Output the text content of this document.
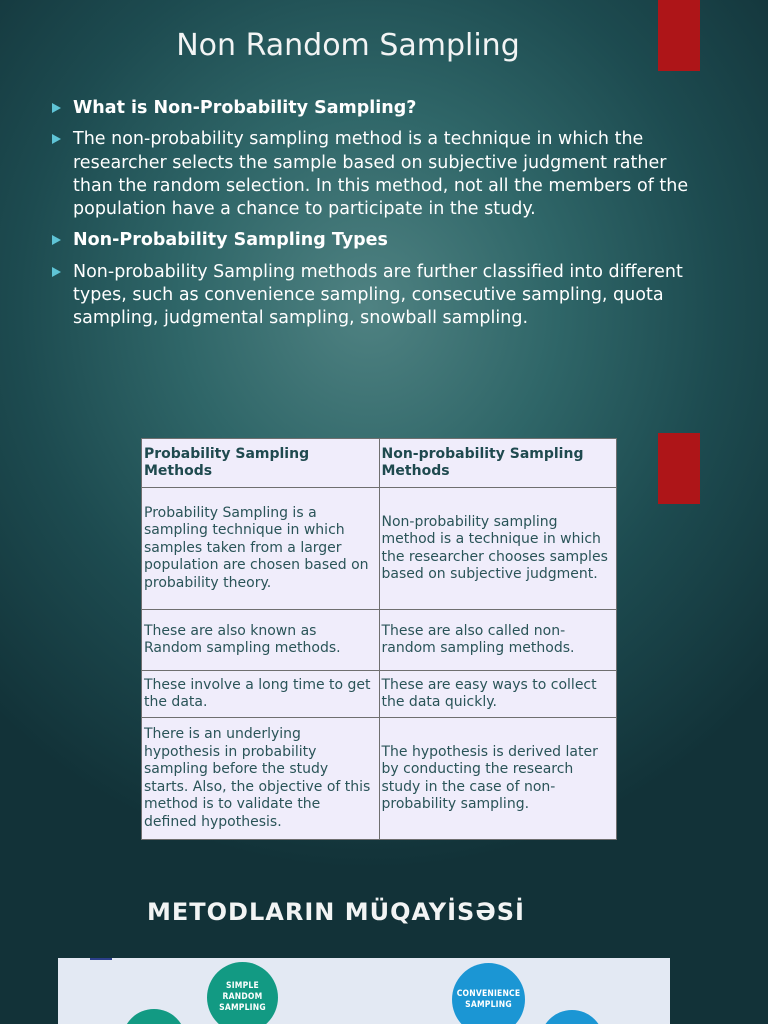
Non Random Sampling
What is Non-Probability Sampling?
The non-probability sampling method is a technique in which the researcher selects the sample based on subjective judgment rather than the random selection. In this method, not all the members of the population have a chance to participate in the study.
Non-Probability Sampling Types
Non-probability Sampling methods are further classified into different types, such as convenience sampling, consecutive sampling, quota sampling, judgmental sampling, snowball sampling.
Probability Sampling Methods	Non-probability Sampling Methods
Probability Sampling is a sampling technique in which samples taken from a larger population are chosen based on probability theory.	Non-probability sampling method is a technique in which the researcher chooses samples based on subjective judgment.
These are also known as Random sampling methods.	These are also called non-random sampling methods.
These involve a long time to get the data.	These are easy ways to collect the data quickly.
There is an underlying hypothesis in probability sampling before the study starts. Also, the objective of this method is to validate the defined hypothesis.	The hypothesis is derived later by conducting the research study in the case of non-probability sampling.
METODLARIN MÜQAYİSƏSİ
SIMPLE
RANDOM
SAMPLING
CONVENIENCE
SAMPLING
